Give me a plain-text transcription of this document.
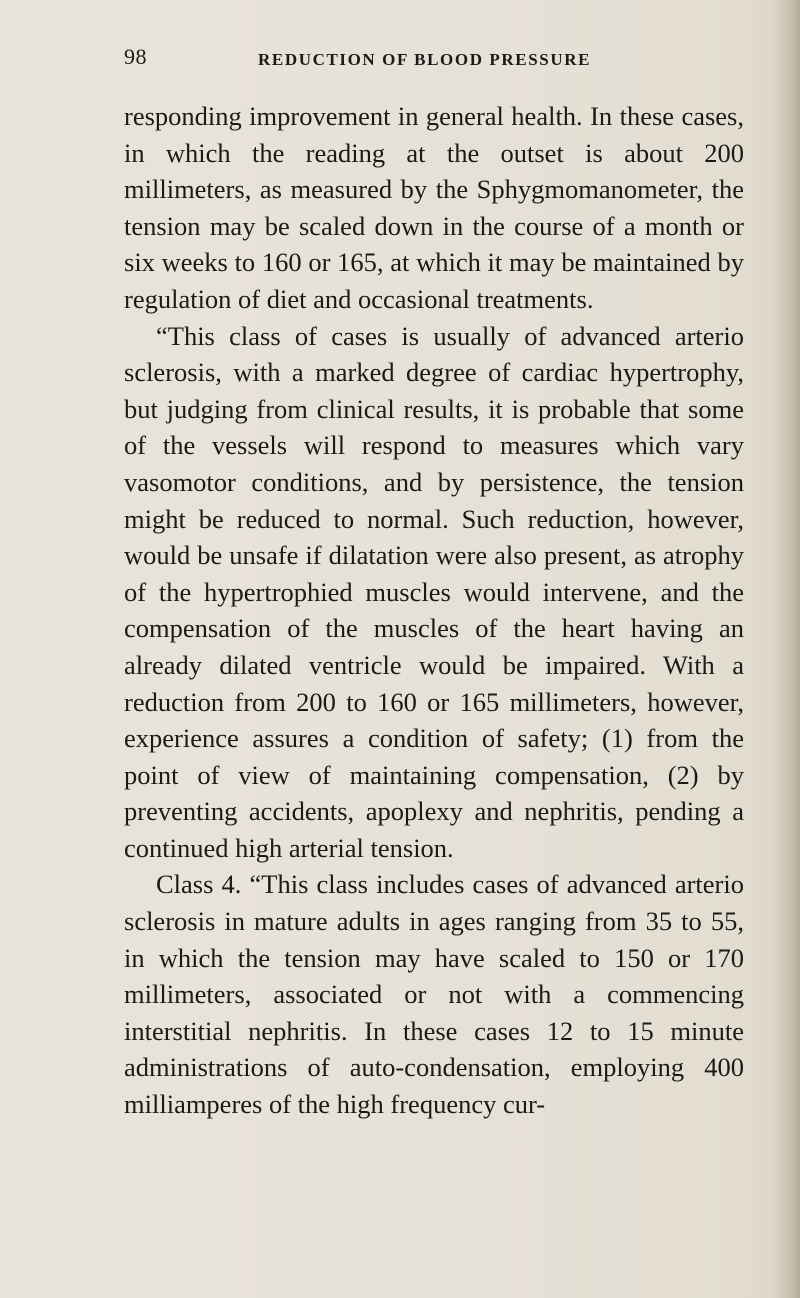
98	REDUCTION OF BLOOD PRESSURE

responding improvement in general health. In these cases, in which the reading at the outset is about 200 millimeters, as measured by the Sphygmomanometer, the tension may be scaled down in the course of a month or six weeks to 160 or 165, at which it may be maintained by regulation of diet and occasional treatments.

“This class of cases is usually of advanced arterio sclerosis, with a marked degree of cardiac hypertrophy, but judging from clinical results, it is probable that some of the vessels will respond to measures which vary vasomotor conditions, and by persistence, the tension might be reduced to normal. Such reduction, however, would be unsafe if dilatation were also present, as atrophy of the hypertrophied muscles would intervene, and the compensation of the muscles of the heart having an already dilated ventricle would be impaired. With a reduction from 200 to 160 or 165 millimeters, however, experience assures a condition of safety; (1) from the point of view of maintaining compensation, (2) by preventing accidents, apoplexy and nephritis, pending a continued high arterial tension.

Class 4. “This class includes cases of advanced arterio sclerosis in mature adults in ages ranging from 35 to 55, in which the tension may have scaled to 150 or 170 millimeters, associated or not with a commencing interstitial nephritis. In these cases 12 to 15 minute administrations of auto-condensation, employing 400 milliamperes of the high frequency cur-
